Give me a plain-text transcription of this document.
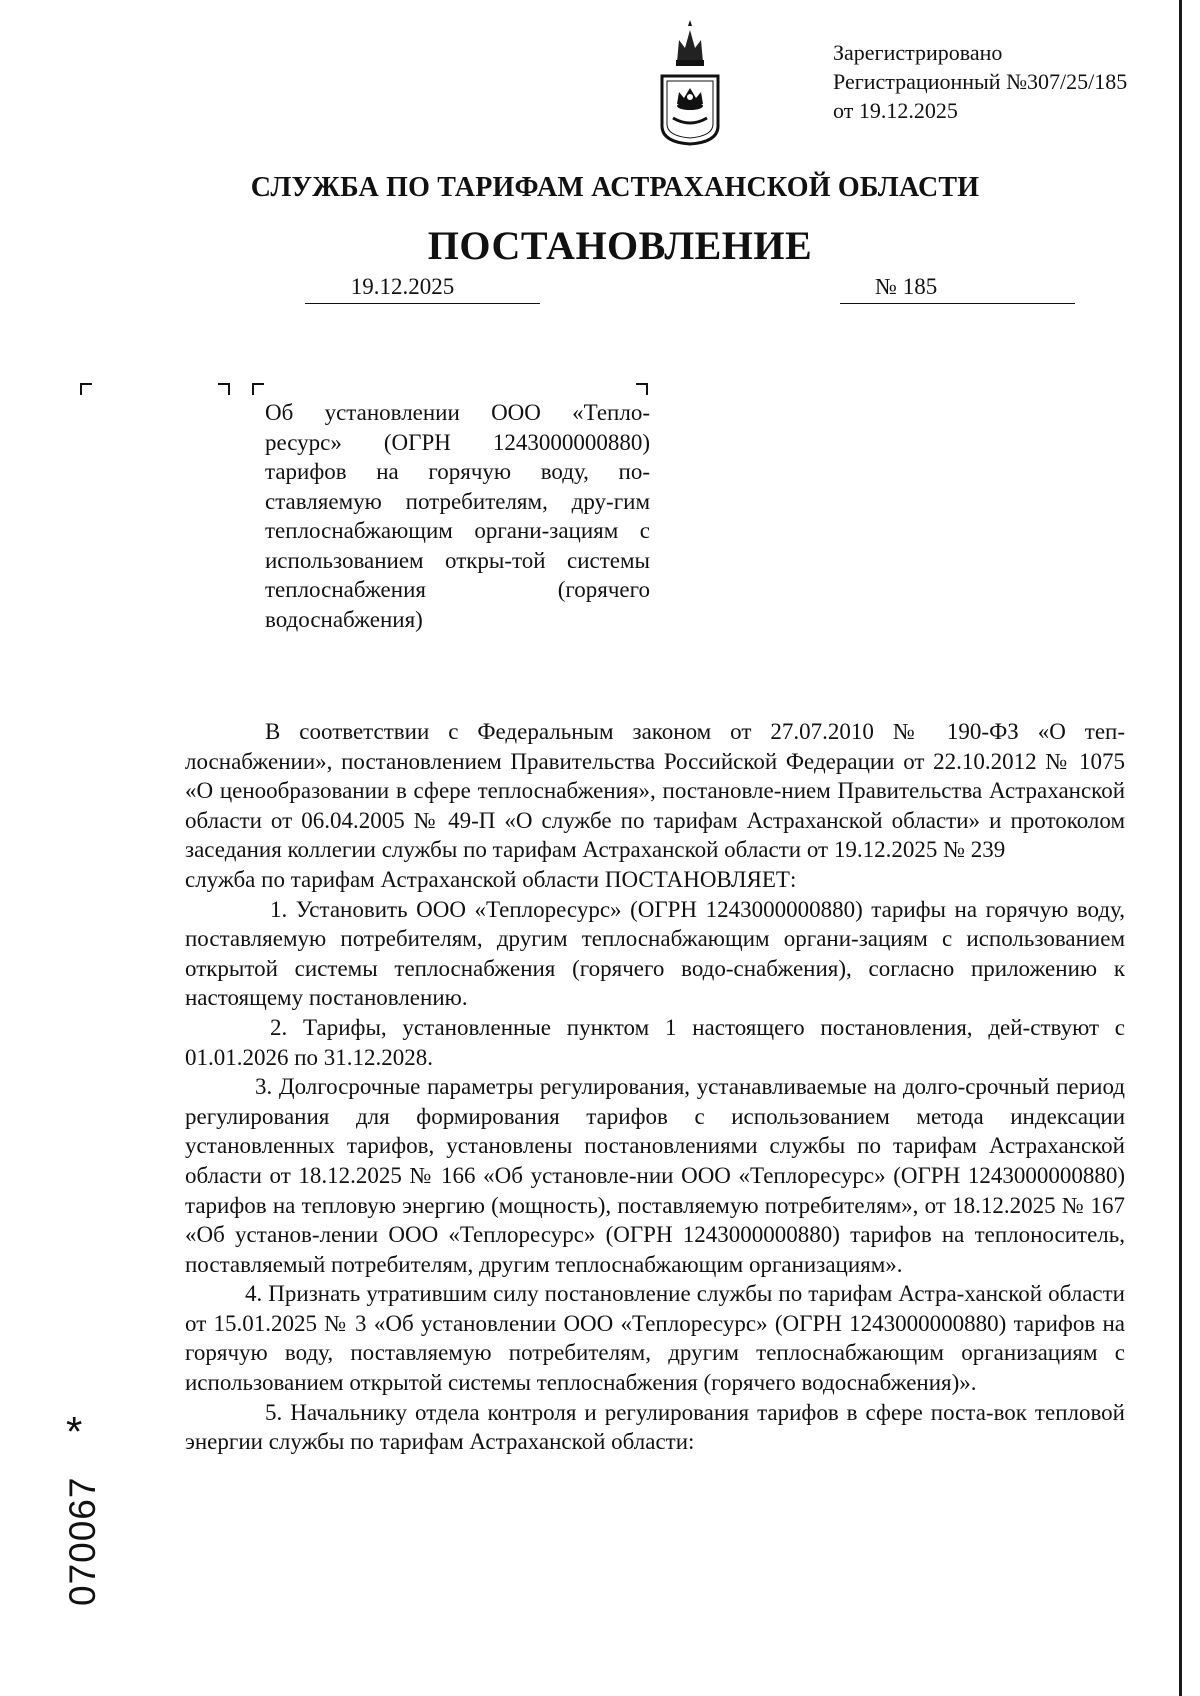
Зарегистрировано
Регистрационный №307/25/185
от 19.12.2025
СЛУЖБА ПО ТАРИФАМ АСТРАХАНСКОЙ ОБЛАСТИ
ПОСТАНОВЛЕНИЕ
19.12.2025	№ 185
Об установлении ООО «Тепло-ресурс» (ОГРН 1243000000880) тарифов на горячую воду, по-ставляемую потребителям, дру-гим теплоснабжающим органи-зациям с использованием откры-той системы теплоснабжения (горячего водоснабжения)

В соответствии с Федеральным законом от 27.07.2010 № 190-ФЗ «О теп-лоснабжении», постановлением Правительства Российской Федерации от 22.10.2012 № 1075 «О ценообразовании в сфере теплоснабжения», постановле-нием Правительства Астраханской области от 06.04.2005 № 49-П «О службе по тарифам Астраханской области» и протоколом заседания коллегии службы по тарифам Астраханской области от 19.12.2025 № 239

служба по тарифам Астраханской области ПОСТАНОВЛЯЕТ:

1. Установить ООО «Теплоресурс» (ОГРН 1243000000880) тарифы на горячую воду, поставляемую потребителям, другим теплоснабжающим органи-зациям с использованием открытой системы теплоснабжения (горячего водо-снабжения), согласно приложению к настоящему постановлению.

2. Тарифы, установленные пунктом 1 настоящего постановления, дей-ствуют с 01.01.2026 по 31.12.2028.

3. Долгосрочные параметры регулирования, устанавливаемые на долго-срочный период регулирования для формирования тарифов с использованием метода индексации установленных тарифов, установлены постановлениями службы по тарифам Астраханской области от 18.12.2025 № 166 «Об установле-нии ООО «Теплоресурс» (ОГРН 1243000000880) тарифов на тепловую энергию (мощность), поставляемую потребителям», от 18.12.2025 № 167 «Об установ-лении ООО «Теплоресурс» (ОГРН 1243000000880) тарифов на теплоноситель, поставляемый потребителям, другим теплоснабжающим организациям».

4. Признать утратившим силу постановление службы по тарифам Астра-ханской области от 15.01.2025 № 3 «Об установлении ООО «Теплоресурс» (ОГРН 1243000000880) тарифов на горячую воду, поставляемую потребителям, другим теплоснабжающим организациям с использованием открытой системы теплоснабжения (горячего водоснабжения)».

5. Начальнику отдела контроля и регулирования тарифов в сфере поста-вок тепловой энергии службы по тарифам Астраханской области:

*
070067
